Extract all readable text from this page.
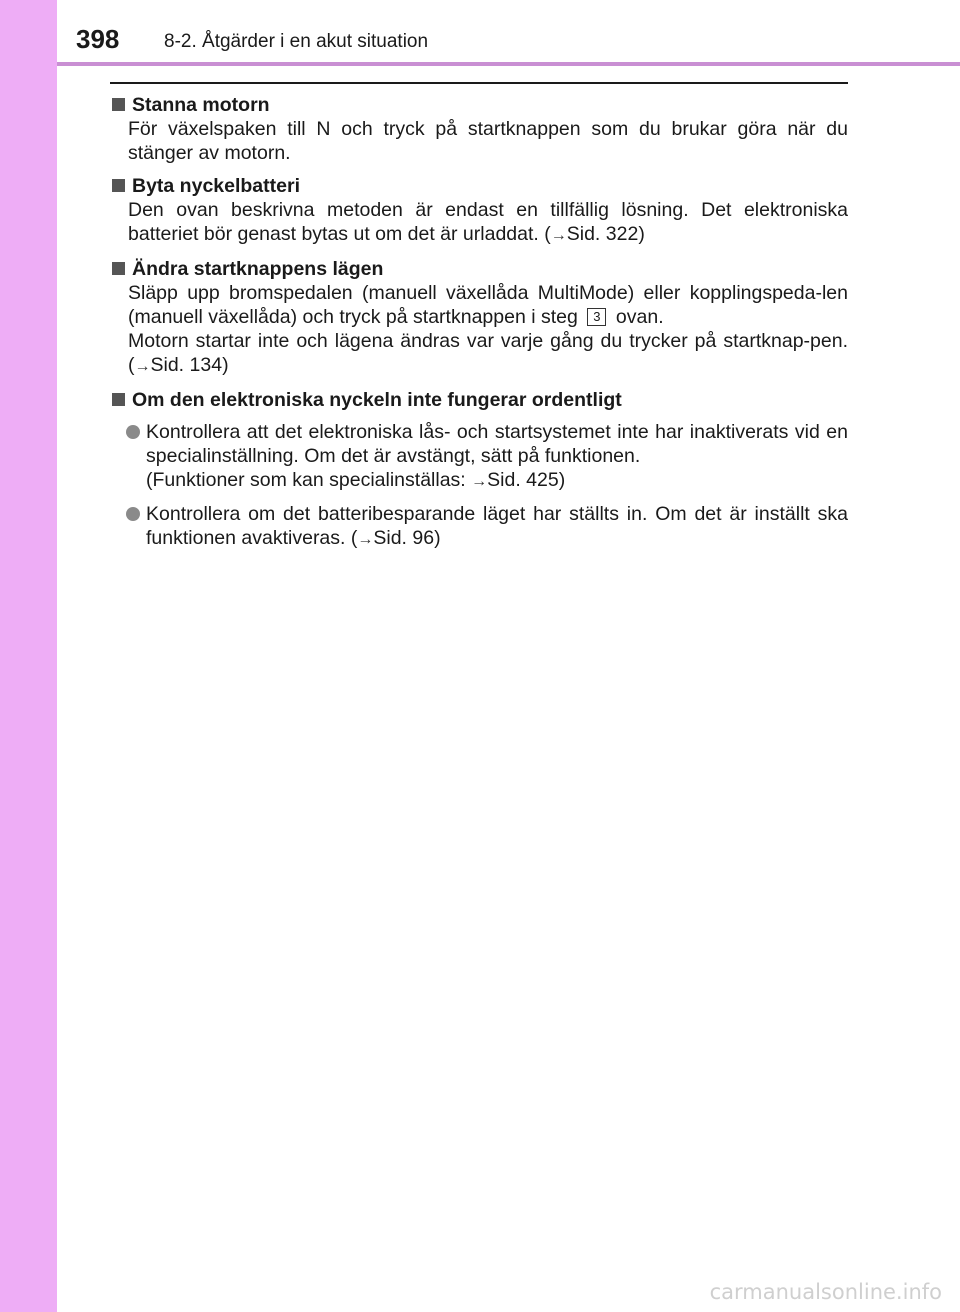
398 8-2. Åtgärder i en akut situation
Stanna motorn
För växelspaken till N och tryck på startknappen som du brukar göra när du stänger av motorn.
Byta nyckelbatteri
Den ovan beskrivna metoden är endast en tillfällig lösning. Det elektroniska batteriet bör genast bytas ut om det är urladdat. (→Sid. 322)
Ändra startknappens lägen
Släpp upp bromspedalen (manuell växellåda MultiMode) eller kopplingspeda-len (manuell växellåda) och tryck på startknappen i steg 3 ovan.
Motorn startar inte och lägena ändras var varje gång du trycker på startknap-pen. (→Sid. 134)
Om den elektroniska nyckeln inte fungerar ordentligt
Kontrollera att det elektroniska lås- och startsystemet inte har inaktiverats vid en specialinställning. Om det är avstängt, sätt på funktionen.
(Funktioner som kan specialinställas: →Sid. 425)
Kontrollera om det batteribesparande läget har ställts in. Om det är inställt ska funktionen avaktiveras. (→Sid. 96)
carmanualsonline.info
